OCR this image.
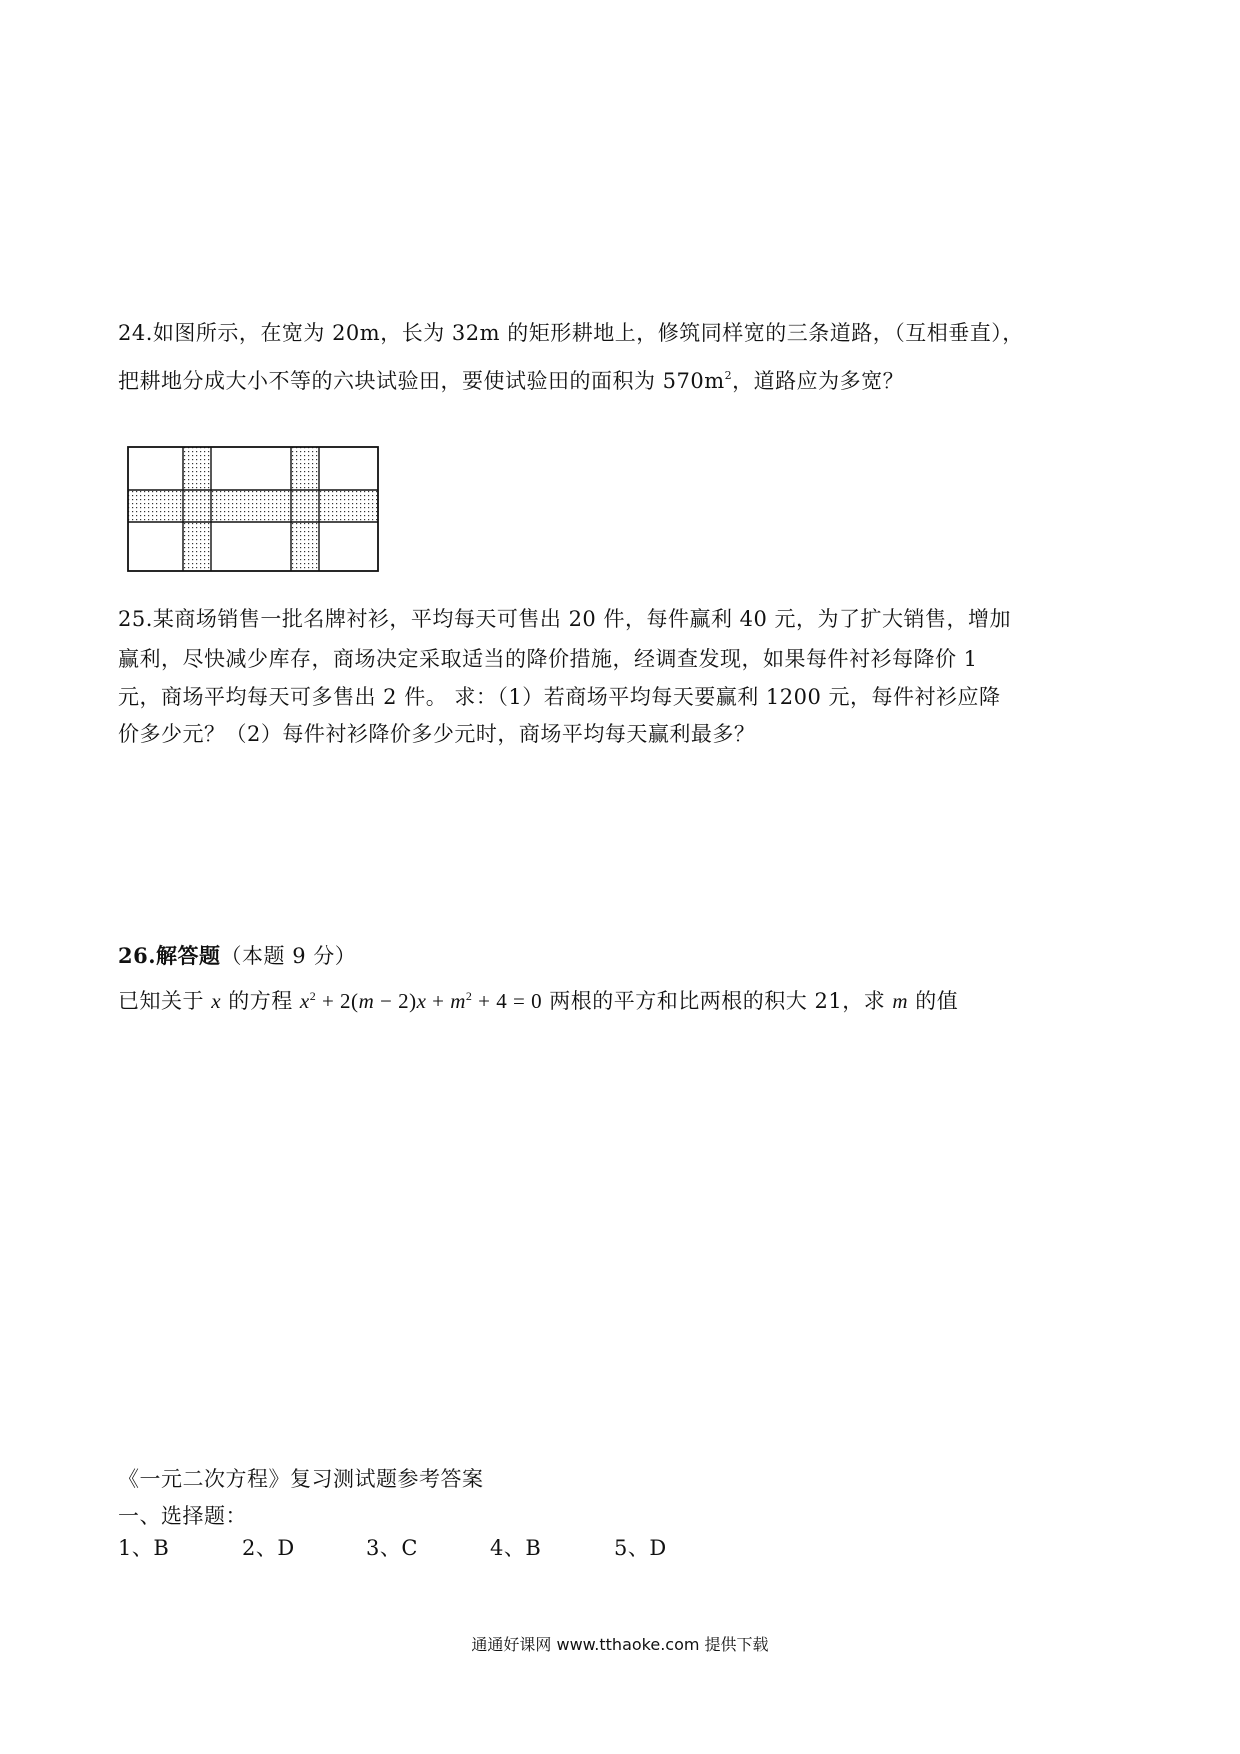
24.如图所示，在宽为 20m，长为 32m 的矩形耕地上，修筑同样宽的三条道路，（互相垂直），
把耕地分成大小不等的六块试验田，要使试验田的面积为 $570m^2$，道路应为多宽？
25.某商场销售一批名牌衬衫，平均每天可售出 20 件，每件赢利 40 元，为了扩大销售，增加
赢利，尽快减少库存，商场决定采取适当的降价措施，经调查发现，如果每件衬衫每降价 1
元，商场平均每天可多售出 2 件。 求：（1）若商场平均每天要赢利 1200 元，每件衬衫应降
价多少元？（2）每件衬衫降价多少元时，商场平均每天赢利最多？
26.解答题（本题 9 分）
已知关于 x 的方程 $x^2 + 2(m - 2)x + m^2 + 4 = 0$ 两根的平方和比两根的积大 21，求 m 的值
《一元二次方程》复习测试题参考答案
一、选择题：
1、B	2、D	3、C	4、B	5、D
通通好课网 www.tthaoke.com 提供下载
